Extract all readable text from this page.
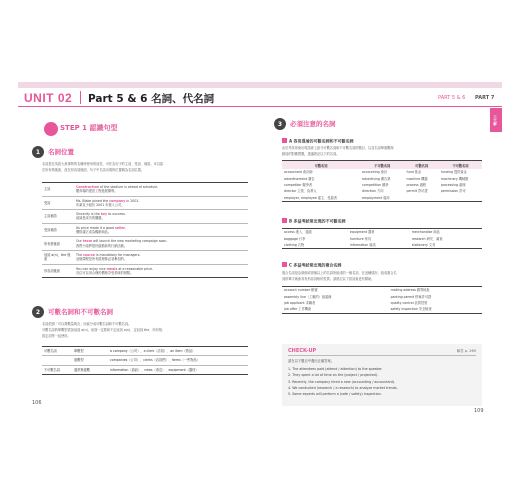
UNIT 02 Part 5 & 6 名詞、代名詞	PART 5 & 6 PART 7
三大解
STEP 1 認識句型
1	名詞位置
名詞是在英語大意事物的名稱時使用的詞性，可作為句子的主詞、受詞、補語。可以當
在所有格後面，放在形容詞後面，句子中名詞出現的位置稿為名詞位置。
主詞	Construction of the stadium is ahead of schedule.
體育場的建設工程進展順利。
受詞	Ms. Blake joined the company in 2001.
布萊克小姐於 2001 年進入公司。
主詞補語	Sincerity is the key to success.
誠誠是成功的關鍵。
受詞補語	Its price made it a good seller.
價格讓它成為暢銷商品。
所有格後面	Our team will launch the new marketing campaign soon.
我們小組將很快啟動新的行銷活動。
冠詞 a(n)、the 後面	The course is mandatory for managers.
這個課程是所有經理都必須參加的。
形容詞後面	You can enjoy nice meals at a reasonable price.
各位可以用合理的價格享受美味的餐點。
2	可數名詞和不可數名詞
名詞依照「可以算數量與否」而區分成可數名詞和不可數名詞。
可數名詞的單數型需加冠詞 a(n)，前面一定要和不定冠詞 a(n)、定冠詞 the、所有格、
指定詞等一起使用。
可數名詞	單數型	a company（公司）、a clerk（店員）、an item（物品）
	複數型	companies（公司）、clerks（店員們）、items（一些物品）
不可數名詞	通常無複數	information（資訊）、news（消息）、equipment（器材）
106
3	必須注意的名詞
A 容易混淆的可數名詞和不可數名詞
由於考試常會出現語意上區分可數名詞和不可數名詞的題目，以及名詞單複數與
動詞的對應問題，建議熟記以下的名詞。
可數名詞	不可數名詞	可數名詞	不可數名詞
accountant 會計師	accounting 會計	fund 基金	funding 提供資金
advertisement 廣告	advertising 廣告業	machine 機器	machinery 機械類
competitor 競爭者	competition 競爭	process 過程	processing 處理
director 主管、負責人	direction 方向	permit 許可證	permission 許可
employer, employee 雇主、受雇者	employment 雇用		
B 多益考試常出現的不可數名詞
access 進入、通道	equipment 器材	merchandise 商品
baggage 行李	furniture 家具	research 研究、調查
clothing 衣物	information 資訊	stationery 文具
C 多益考試常出現的複合名詞
複合名詞是由兩個或兩個以上的名詞所組成的一個名詞，在這種情況，組成複合名
詞的單字就會具有形容詞般的性質。請熟記以下語詞會更有幫助。
account number 帳號	mailing address 郵寄地址
assembly line（工廠的）組裝線	parking permit 停車許可證
job applicant 求職者	quality control 品質控管
job offer 工作機會	safety inspection 安全檢查
CHECK-UP	解答 p. 269
請在以下題目中選出正確答案。
1. The attendees paid (attend / attention) to the speaker.
2. They spent a lot of time on the (project / projected).
3. Recently, the company hired a new (accounting / accountant).
4. We conducted (research / a research) to analyze market trends.
5. Some experts will perform a (safe / safety) inspection.
109
